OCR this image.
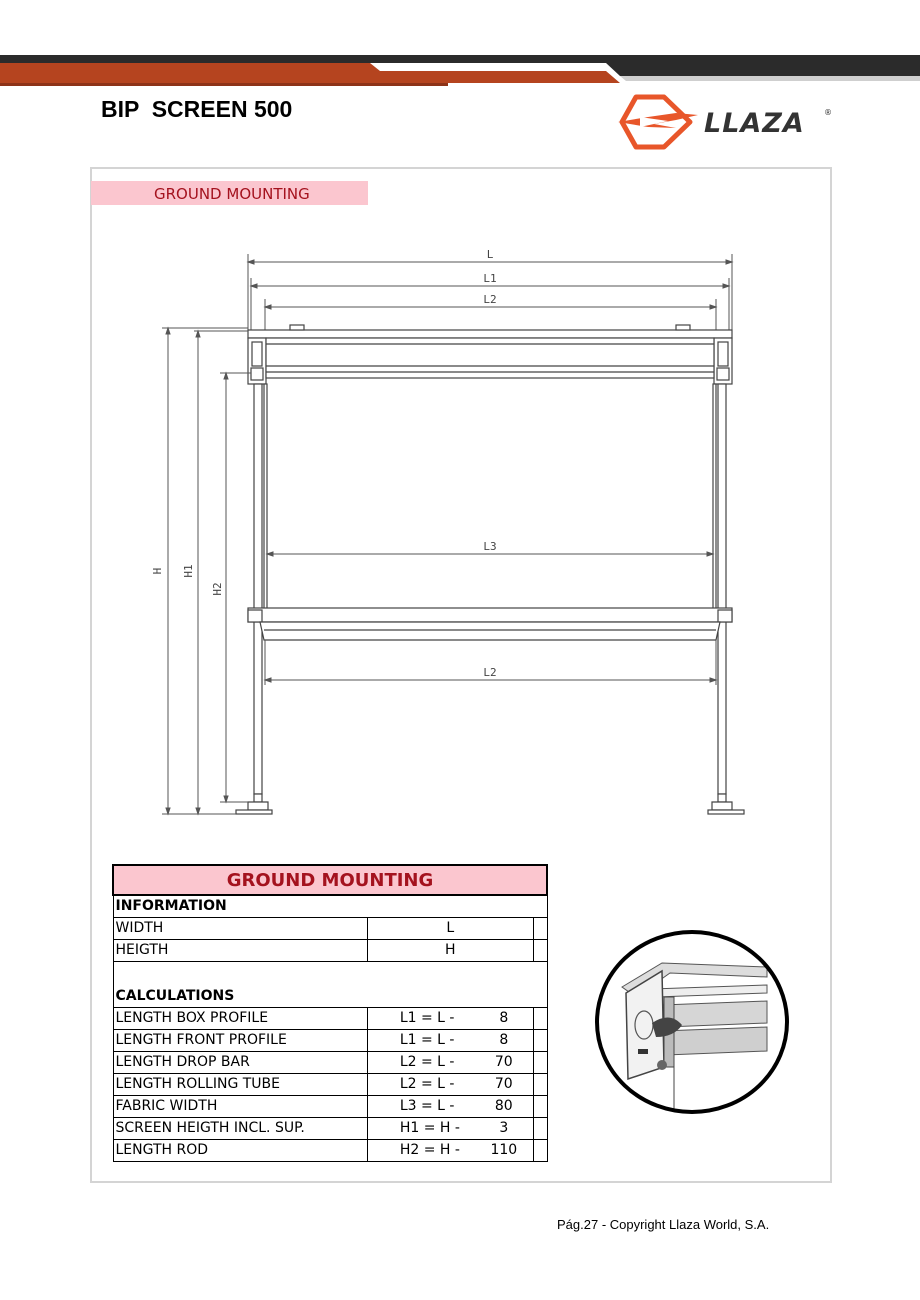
BIP  SCREEN 500	LLAZA ®
GROUND MOUNTING
L
L1
L2
L3
L2
H H1
H2
GROUND MOUNTING		
INFORMATION		
WIDTH	L	
HEIGTH	H	

CALCULATIONS		
LENGTH BOX PROFILE	L1 = L - 8	
LENGTH FRONT PROFILE	L1 = L - 8	
LENGTH DROP BAR	L2 = L - 70	
LENGTH ROLLING TUBE	L2 = L - 70	
FABRIC WIDTH	L3 = L - 80	
SCREEN HEIGTH INCL. SUP.	H1 = H - 3	
LENGTH ROD	H2 = H - 110	
Pág.27 - Copyright Llaza World, S.A.
